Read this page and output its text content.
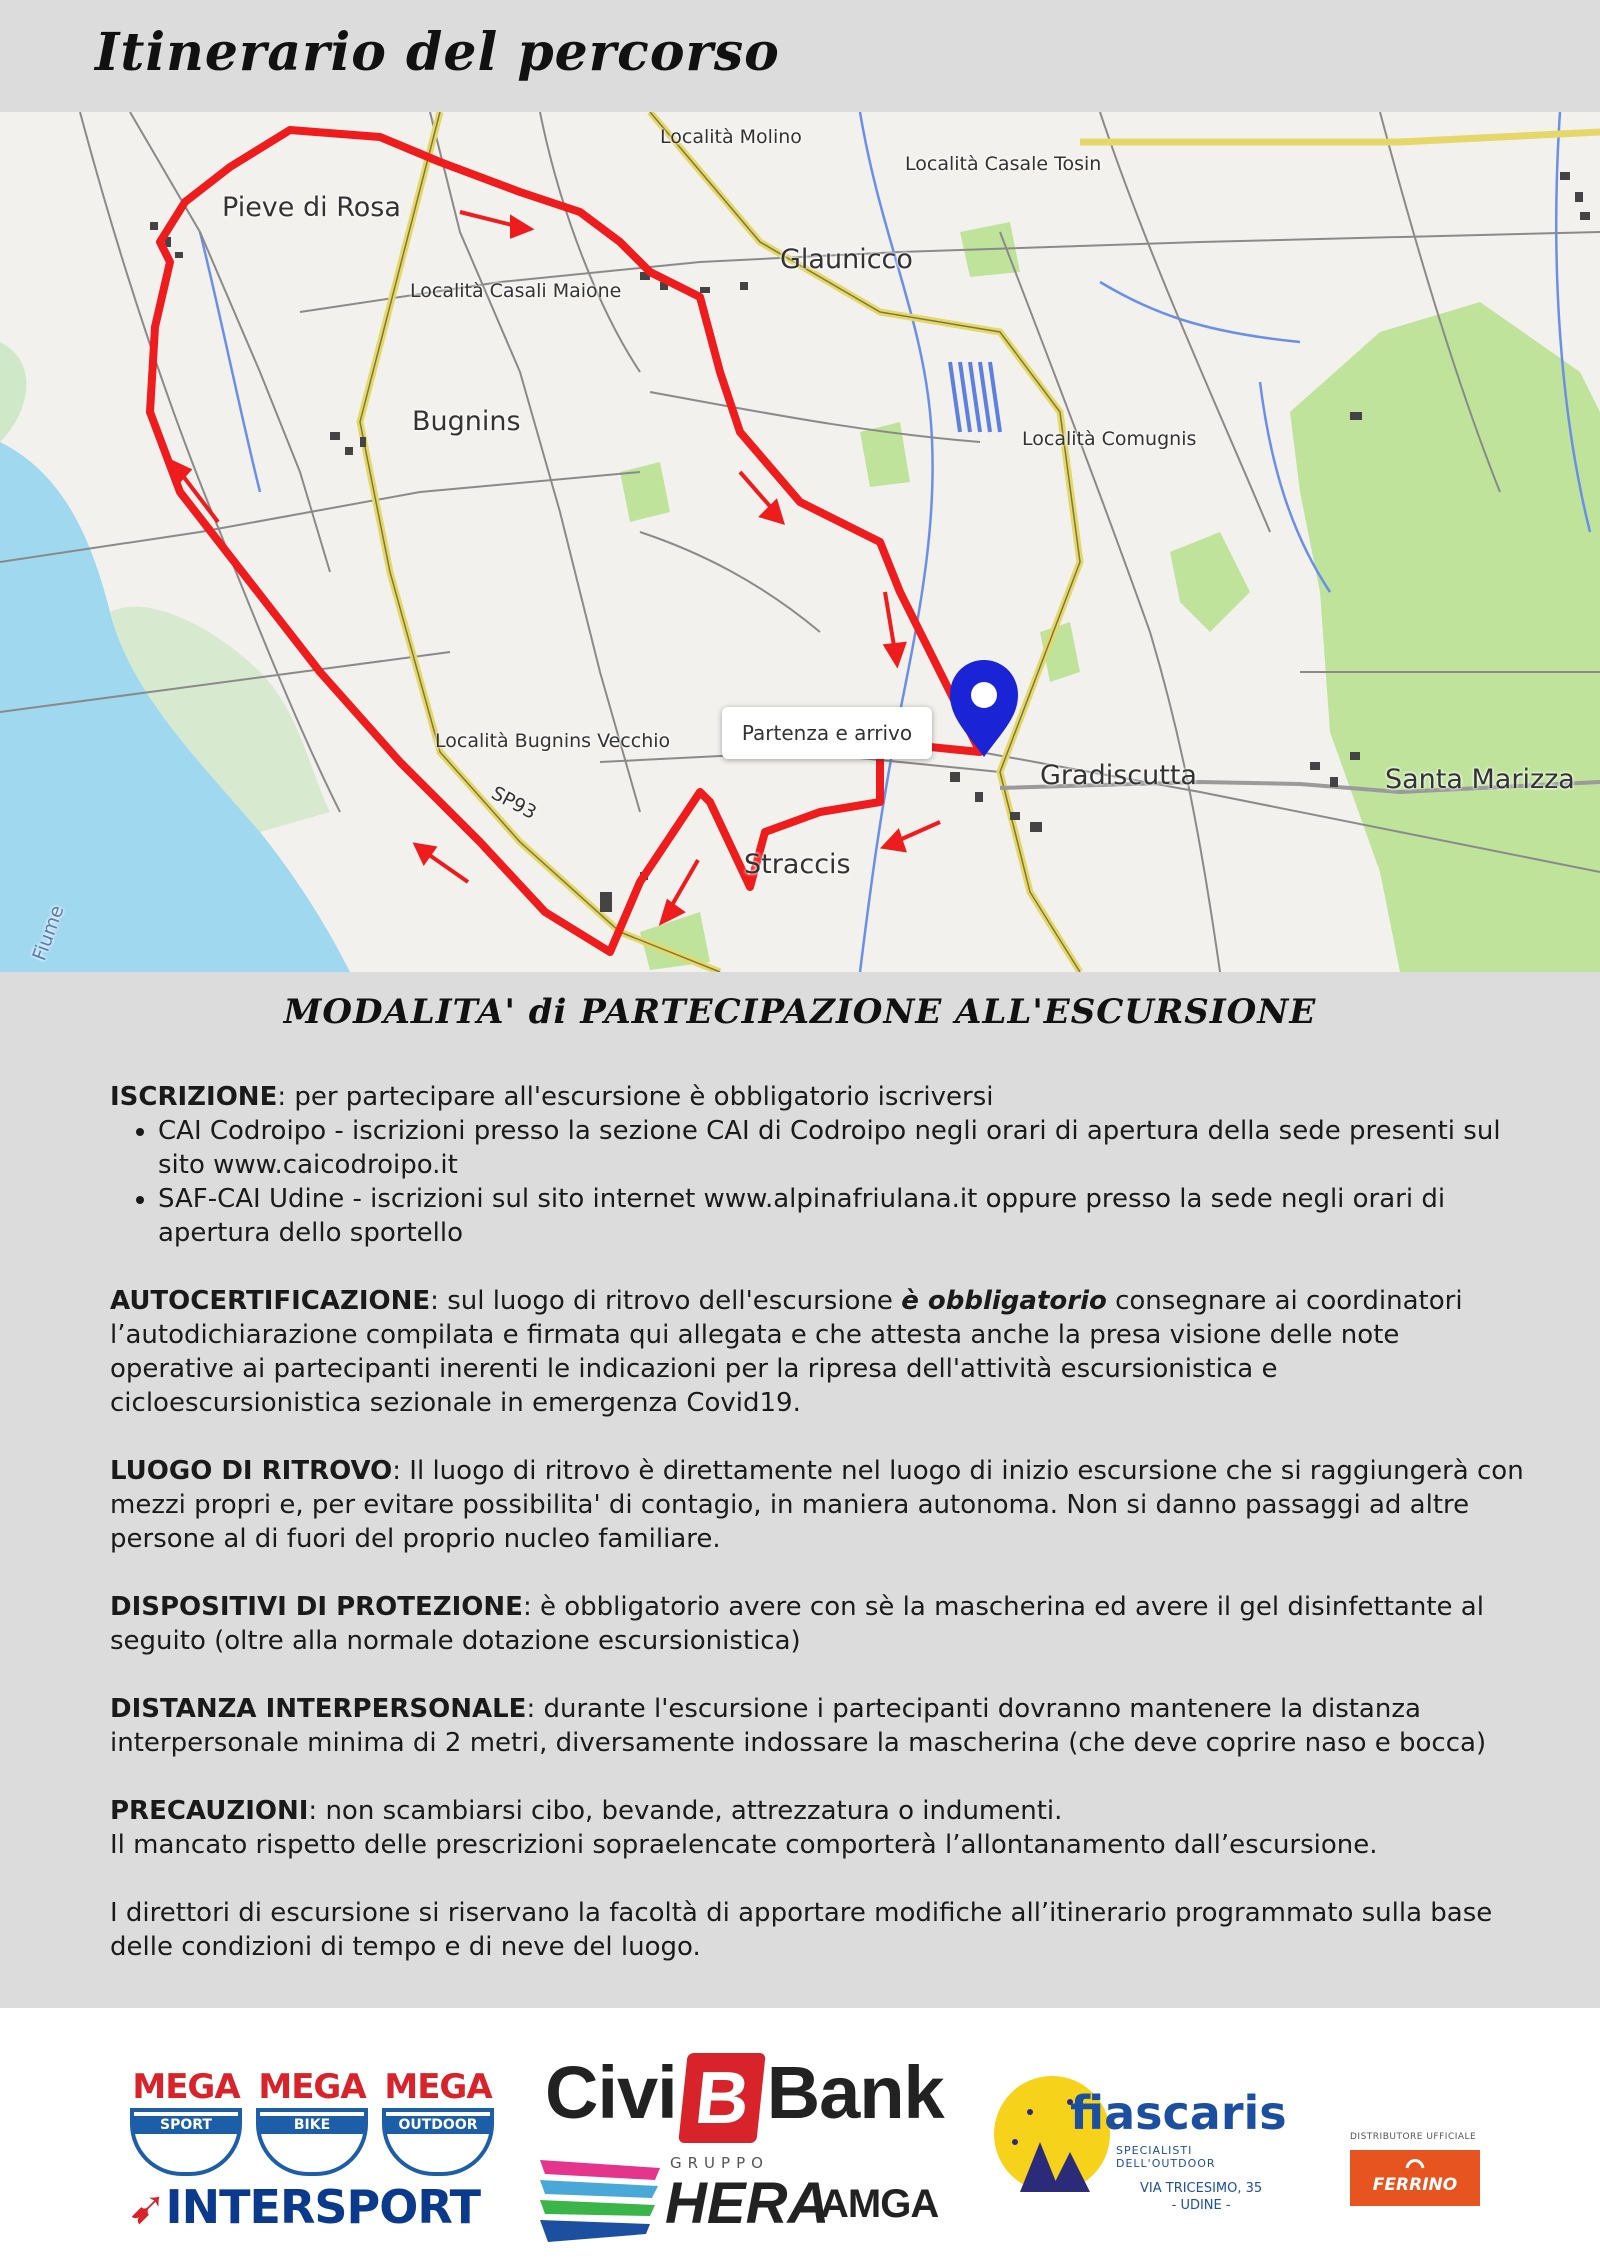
Itinerario del percorso
Località Molino
Località Casale Tosin
Pieve di Rosa
Glaunicco
Località Casali Maione
Bugnins
Località Comugnis
Località Bugnins Vecchio
Gradiscutta	Santa Marizza
Straccis
SP93
Fiume
Partenza e arrivo
MODALITA' di PARTECIPAZIONE ALL'ESCURSIONE

ISCRIZIONE: per partecipare all'escursione è obbligatorio iscriversi

• CAI Codroipo - iscrizioni presso la sezione CAI di Codroipo negli orari di apertura della sede presenti sul sito www.caicodroipo.it
• SAF-CAI Udine - iscrizioni sul sito internet www.alpinafriulana.it oppure presso la sede negli orari di apertura dello sportello

AUTOCERTIFICAZIONE: sul luogo di ritrovo dell'escursione è obbligatorio consegnare ai coordinatori l’autodichiarazione compilata e firmata qui allegata e che attesta anche la presa visione delle note operative ai partecipanti inerenti le indicazioni per la ripresa dell'attività escursionistica e cicloescursionistica sezionale in emergenza Covid19.

LUOGO DI RITROVO: Il luogo di ritrovo è direttamente nel luogo di inizio escursione che si raggiungerà con mezzi propri e, per evitare possibilita' di contagio, in maniera autonoma. Non si danno passaggi ad altre persone al di fuori del proprio nucleo familiare.

DISPOSITIVI DI PROTEZIONE: è obbligatorio avere con sè la mascherina ed avere il gel disinfettante al seguito (oltre alla normale dotazione escursionistica)

DISTANZA INTERPERSONALE: durante l'escursione i partecipanti dovranno mantenere la distanza interpersonale minima di 2 metri, diversamente indossare la mascherina (che deve coprire naso e bocca)

PRECAUZIONI: non scambiarsi cibo, bevande, attrezzatura o indumenti.
Il mancato rispetto delle prescrizioni sopraelencate comporterà l’allontanamento dall’escursione.

I direttori di escursione si riservano la facoltà di apportare modifiche all’itinerario programmato sulla base delle condizioni di tempo e di neve del luogo.

MEGA
SPORT
MEGA
BIKE
MEGA
OUTDOOR
➹INTERSPORT
Civi B Bank
GRUPPO
HERA
AMGA
fiascaris
SPECIALISTI DELL'OUTDOOR
VIA TRICESIMO, 35
- UDINE -
DISTRIBUTORE UFFICIALE
FERRINO
